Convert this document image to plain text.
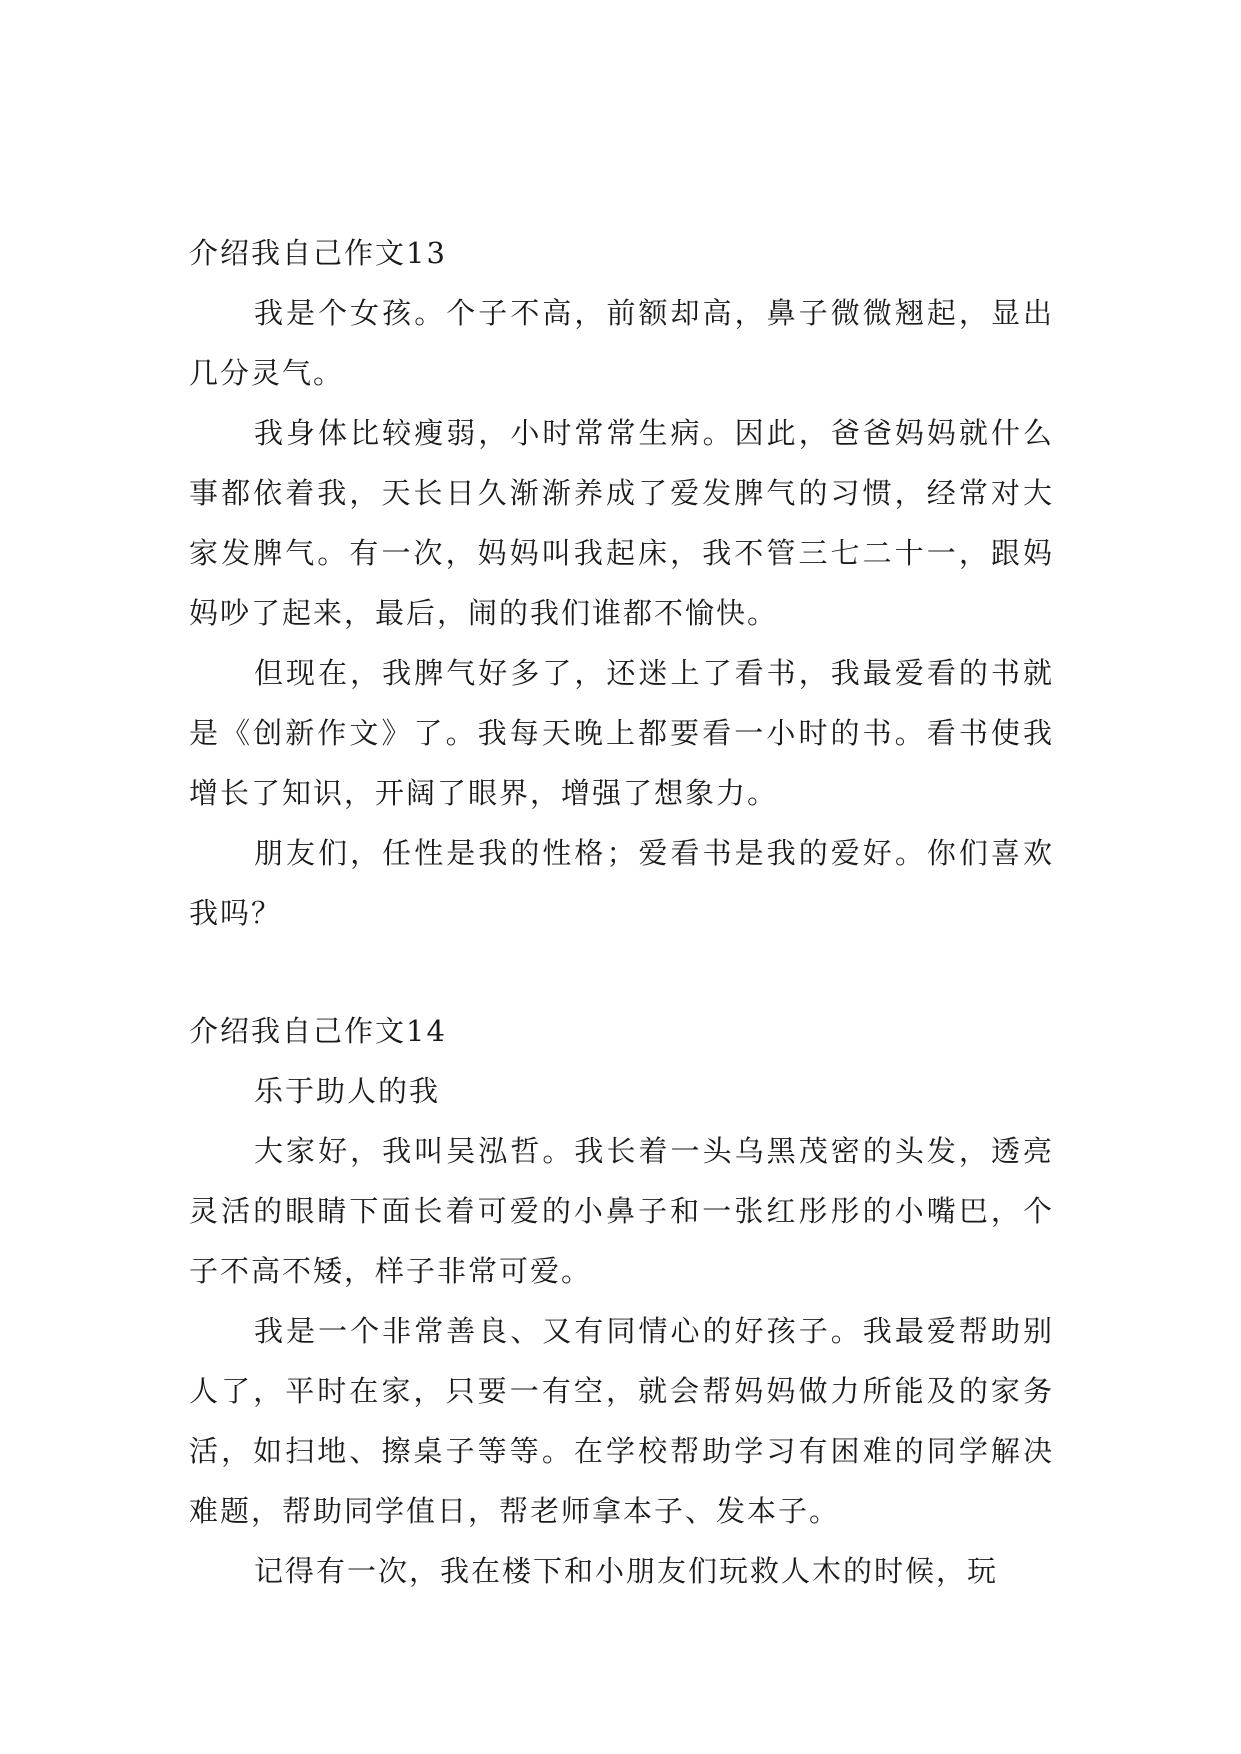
介绍我自己作文13

我是个女孩。个子不高，前额却高，鼻子微微翘起，显出几分灵气。

我身体比较瘦弱，小时常常生病。因此，爸爸妈妈就什么事都依着我，天长日久渐渐养成了爱发脾气的习惯，经常对大家发脾气。有一次，妈妈叫我起床，我不管三七二十一，跟妈妈吵了起来，最后，闹的我们谁都不愉快。

但现在，我脾气好多了，还迷上了看书，我最爱看的书就是《创新作文》了。我每天晚上都要看一小时的书。看书使我增长了知识，开阔了眼界，增强了想象力。

朋友们，任性是我的性格；爱看书是我的爱好。你们喜欢我吗？

介绍我自己作文14

乐于助人的我

大家好，我叫吴泓哲。我长着一头乌黑茂密的头发，透亮灵活的眼睛下面长着可爱的小鼻子和一张红彤彤的小嘴巴，个子不高不矮，样子非常可爱。

我是一个非常善良、又有同情心的好孩子。我最爱帮助别人了，平时在家，只要一有空，就会帮妈妈做力所能及的家务活，如扫地、擦桌子等等。在学校帮助学习有困难的同学解决难题，帮助同学值日，帮老师拿本子、发本子。

记得有一次，我在楼下和小朋友们玩救人木的时候，玩
